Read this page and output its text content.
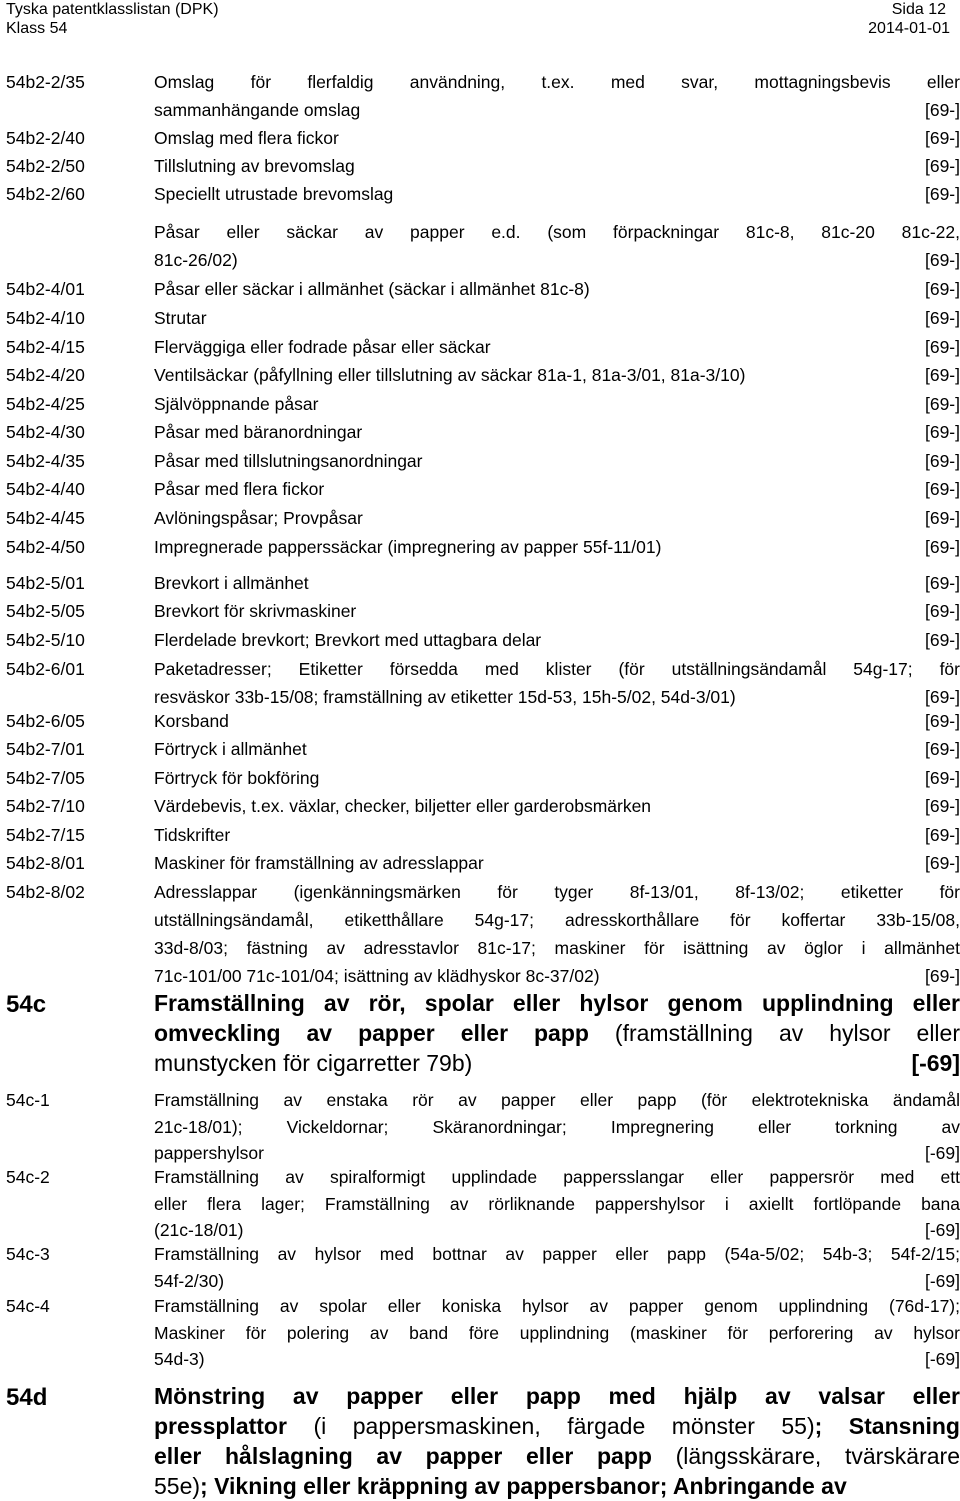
Tyska patentklasslistan (DPK)
Klass 54
Sida 12
2014-01-01
54b2-2/35	Omslag för flerfaldig användning, t.ex. med svar, mottagningsbevis eller
sammanhängande omslag	[69-]
54b2-2/40	Omslag med flera fickor	[69-]
54b2-2/50	Tillslutning av brevomslag	[69-]
54b2-2/60	Speciellt utrustade brevomslag	[69-]
Påsar eller säckar av papper e.d. (som förpackningar 81c-8, 81c-20 81c-22,
81c-26/02)	[69-]
54b2-4/01	Påsar eller säckar i allmänhet (säckar i allmänhet 81c-8)	[69-]
54b2-4/10	Strutar	[69-]
54b2-4/15	Flerväggiga eller fodrade påsar eller säckar	[69-]
54b2-4/20	Ventilsäckar (påfyllning eller tillslutning av säckar 81a-1, 81a-3/01, 81a-3/10)	[69-]
54b2-4/25	Självöppnande påsar	[69-]
54b2-4/30	Påsar med bäranordningar	[69-]
54b2-4/35	Påsar med tillslutningsanordningar	[69-]
54b2-4/40	Påsar med flera fickor	[69-]
54b2-4/45	Avlöningspåsar; Provpåsar	[69-]
54b2-4/50	Impregnerade papperssäckar (impregnering av papper 55f-11/01)	[69-]
54b2-5/01	Brevkort i allmänhet	[69-]
54b2-5/05	Brevkort för skrivmaskiner	[69-]
54b2-5/10	Flerdelade brevkort; Brevkort med uttagbara delar	[69-]
54b2-6/01	Paketadresser; Etiketter försedda med klister (för utställningsändamål 54g-17; för
resväskor 33b-15/08; framställning av etiketter 15d-53, 15h-5/02, 54d-3/01)	[69-]
54b2-6/05	Korsband	[69-]
54b2-7/01	Förtryck i allmänhet	[69-]
54b2-7/05	Förtryck för bokföring	[69-]
54b2-7/10	Värdebevis, t.ex. växlar, checker, biljetter eller garderobsmärken	[69-]
54b2-7/15	Tidskrifter	[69-]
54b2-8/01	Maskiner för framställning av adresslappar	[69-]
54b2-8/02	Adresslappar (igenkänningsmärken för tyger 8f-13/01, 8f-13/02; etiketter för
utställningsändamål, etiketthållare 54g-17; adresskorthållare för koffertar 33b-15/08,
33d-8/03; fästning av adresstavlor 81c-17; maskiner för isättning av öglor i allmänhet
71c-101/00 71c-101/04; isättning av klädhyskor 8c-37/02)	[69-]
54c	Framställning av rör, spolar eller hylsor genom upplindning eller
omveckling av papper eller papp (framställning av hylsor eller
munstycken för cigarretter 79b)	[-69]
54c-1	Framställning av enstaka rör av papper eller papp (för elektrotekniska ändamål
21c-18/01); Vickeldornar; Skäranordningar; Impregnering eller torkning av
pappershylsor	[-69]
54c-2	Framställning av spiralformigt upplindade pappersslangar eller pappersrör med ett
eller flera lager; Framställning av rörliknande pappershylsor i axiellt fortlöpande bana
(21c-18/01)	[-69]
54c-3	Framställning av hylsor med bottnar av papper eller papp (54a-5/02; 54b-3; 54f-2/15;
54f-2/30)	[-69]
54c-4	Framställning av spolar eller koniska hylsor av papper genom upplindning (76d-17);
Maskiner för polering av band före upplindning (maskiner för perforering av hylsor
54d-3)	[-69]
54d	Mönstring av papper eller papp med hjälp av valsar eller
pressplattor (i pappersmaskinen, färgade mönster 55); Stansning
eller hålslagning av papper eller papp (längsskärare, tvärskärare
55e); Vikning eller kräppning av pappersbanor; Anbringande av
